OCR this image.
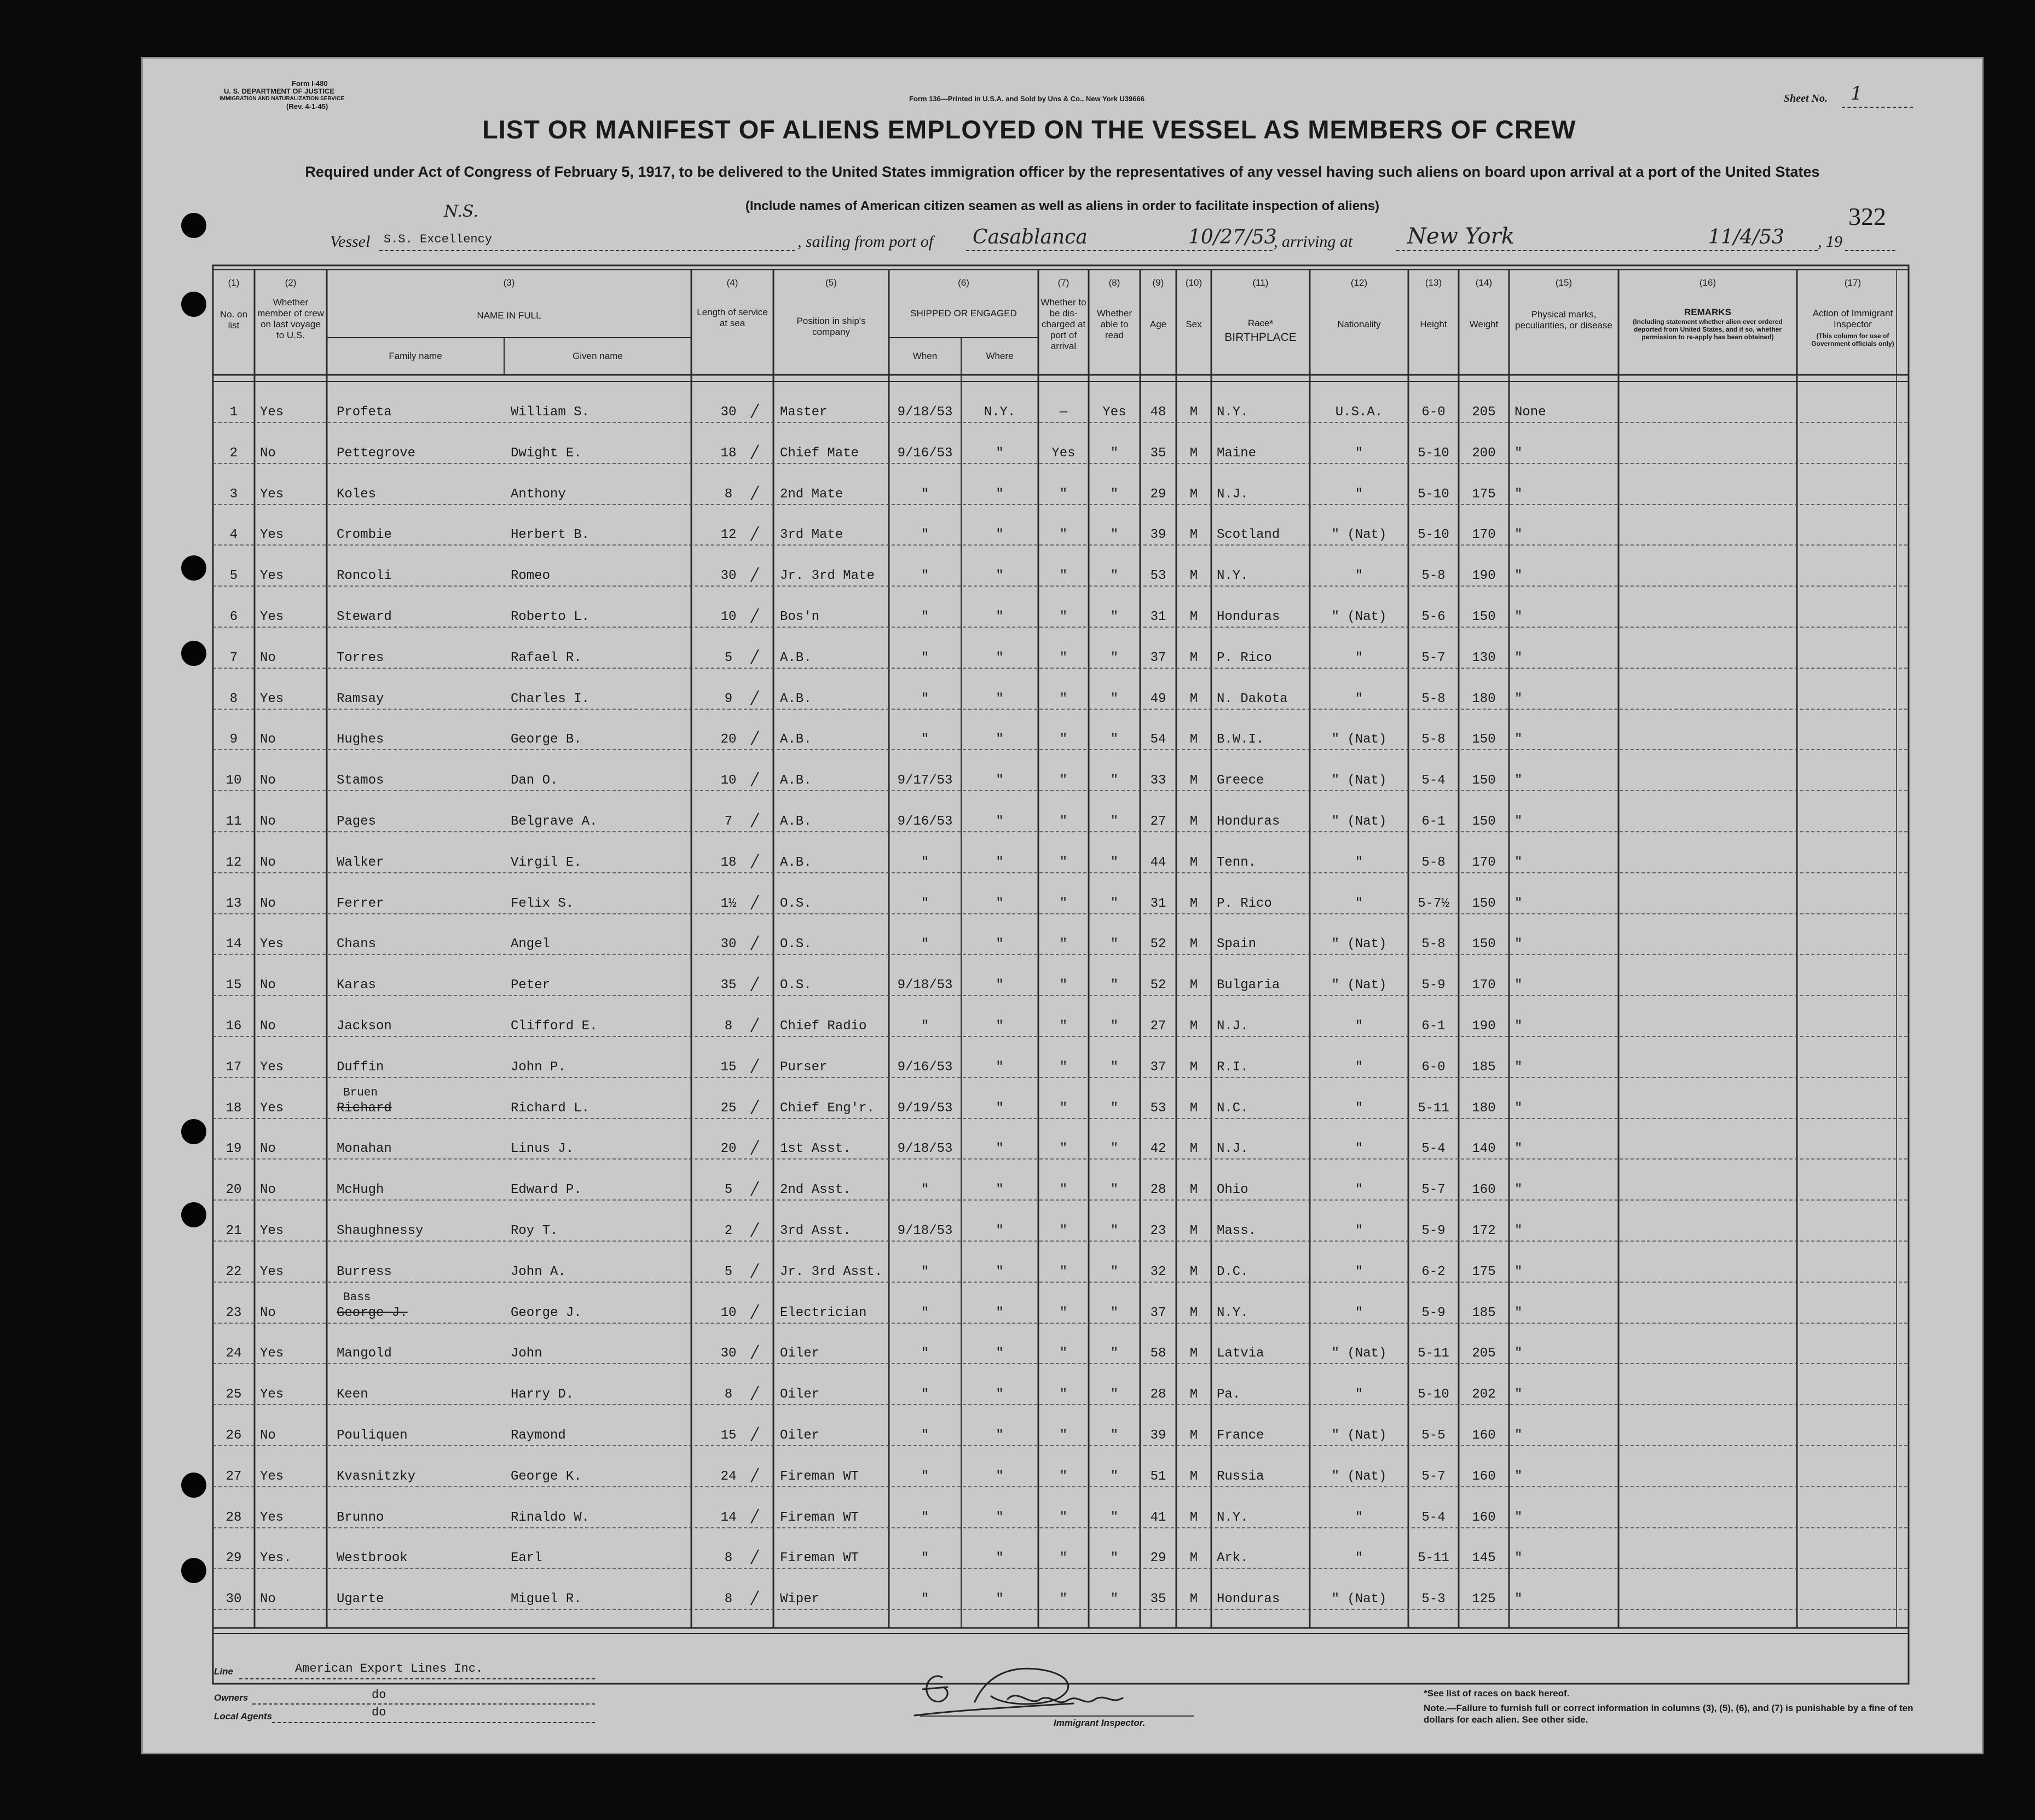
Form I-480
U. S. DEPARTMENT OF JUSTICE
IMMIGRATION AND NATURALIZATION SERVICE
(Rev. 4-1-45)
Form 136—Printed in U.S.A. and Sold by Uns & Co., New York U39666	Sheet No. 1
LIST OR MANIFEST OF ALIENS EMPLOYED ON THE VESSEL AS MEMBERS OF CREW
Required under Act of Congress of February 5, 1917, to be delivered to the United States immigration officer by the representatives of any vessel having such aliens on board upon arrival at a port of the United States
(Include names of American citizen seamen as well as aliens in order to facilitate inspection of aliens)	322
N.S.
Vessel S.S. Excellency	, sailing from port of Casablanca	10/27/53
, arriving at New York	11/4/53 , 19
(1)
No. on list
(2)
Whether member of crew on last voyage to U.S.
(3)
NAME IN FULL
Family name	Given name
(4)
Length of service at sea
(5)
Position in ship's company
(6)
SHIPPED OR ENGAGED
When	Where
(7)
Whether to be dis-charged at port of arrival
(8)
Whether able to read
(9)
Age
(10)
Sex
(11)
Race*
BIRTHPLACE
(12)
Nationality
(13)
Height
(14)
Weight
(15)
Physical marks, peculiarities, or disease
(16)
REMARKS
(Including statement whether alien ever ordered deported from United States, and if so, whether permission to re-apply has been obtained)
(17)
Action of Immigrant Inspector
(This column for use of Government officials only)
1	Yes	Profeta	William S.	30	Master	9/18/53	N.Y.	—	Yes	48	M	N.Y.	U.S.A.	6-0	205	None
⁄
2	No	Pettegrove	Dwight E.	18	Chief Mate	9/16/53	"	Yes	"	35	M	Maine	"	5-10	200	"
⁄
3	Yes	Koles	Anthony	8	2nd Mate	"	"	"	"	29	M	N.J.	"	5-10	175	"
⁄
4	Yes	Crombie	Herbert B.	12	3rd Mate	"	"	"	"	39	M	Scotland	" (Nat)	5-10	170	"
⁄
5	Yes	Roncoli	Romeo	30	Jr. 3rd Mate	"	"	"	"	53	M	N.Y.	"	5-8	190	"
⁄
6	Yes	Steward	Roberto L.	10	Bos'n	"	"	"	"	31	M	Honduras	" (Nat)	5-6	150	"
⁄
7	No	Torres	Rafael R.	5	A.B.	"	"	"	"	37	M	P. Rico	"	5-7	130	"
⁄
8	Yes	Ramsay	Charles I.	9	A.B.	"	"	"	"	49	M	N. Dakota	"	5-8	180	"
⁄
9	No	Hughes	George B.	20	A.B.	"	"	"	"	54	M	B.W.I.	" (Nat)	5-8	150	"
⁄
10	No	Stamos	Dan O.	10	A.B.	9/17/53	"	"	"	33	M	Greece	" (Nat)	5-4	150	"
⁄
11	No	Pages	Belgrave A.	7	A.B.	9/16/53	"	"	"	27	M	Honduras	" (Nat)	6-1	150	"
⁄
12	No	Walker	Virgil E.	18	A.B.	"	"	"	"	44	M	Tenn.	"	5-8	170	"
⁄
13	No	Ferrer	Felix S.	1½	O.S.	"	"	"	"	31	M	P. Rico	"	5-7½	150	"
⁄
14	Yes	Chans	Angel	30	O.S.	"	"	"	"	52	M	Spain	" (Nat)	5-8	150	"
⁄
15	No	Karas	Peter	35	O.S.	9/18/53	"	"	"	52	M	Bulgaria	" (Nat)	5-9	170	"
⁄
16	No	Jackson	Clifford E.	8	Chief Radio	"	"	"	"	27	M	N.J.	"	6-1	190	"
⁄
17	Yes	Duffin	John P.	15	Purser	9/16/53	"	"	"	37	M	R.I.	"	6-0	185	"
⁄
18	Yes	Richard	Richard L.	25	Chief Eng'r.	9/19/53	"	"	"	53	M	N.C.	"	5-11	180	"
Bruen
⁄
19	No	Monahan	Linus J.	20	1st Asst.	9/18/53	"	"	"	42	M	N.J.	"	5-4	140	"
⁄
20	No	McHugh	Edward P.	5	2nd Asst.	"	"	"	"	28	M	Ohio	"	5-7	160	"
⁄
21	Yes	Shaughnessy	Roy T.	2	3rd Asst.	9/18/53	"	"	"	23	M	Mass.	"	5-9	172	"
⁄
22	Yes	Burress	John A.	5	Jr. 3rd Asst.	"	"	"	"	32	M	D.C.	"	6-2	175	"
⁄
23	No	George J.	George J.	10	Electrician	"	"	"	"	37	M	N.Y.	"	5-9	185	"
Bass
⁄
24	Yes	Mangold	John	30	Oiler	"	"	"	"	58	M	Latvia	" (Nat)	5-11	205	"
⁄
25	Yes	Keen	Harry D.	8	Oiler	"	"	"	"	28	M	Pa.	"	5-10	202	"
⁄
26	No	Pouliquen	Raymond	15	Oiler	"	"	"	"	39	M	France	" (Nat)	5-5	160	"
⁄
27	Yes	Kvasnitzky	George K.	24	Fireman WT	"	"	"	"	51	M	Russia	" (Nat)	5-7	160	"
⁄
28	Yes	Brunno	Rinaldo W.	14	Fireman WT	"	"	"	"	41	M	N.Y.	"	5-4	160	"
⁄
29	Yes.	Westbrook	Earl	8	Fireman WT	"	"	"	"	29	M	Ark.	"	5-11	145	"
⁄
30	No	Ugarte	Miguel R.	8	Wiper	"	"	"	"	35	M	Honduras	" (Nat)	5-3	125	"
⁄
Line	American Export Lines Inc.
Owners	do
Local Agents	do
Immigrant Inspector.
*See list of races on back hereof.
Note.—Failure to furnish full or correct information in columns (3), (5), (6), and (7) is punishable by a fine of ten dollars for each alien. See other side.
